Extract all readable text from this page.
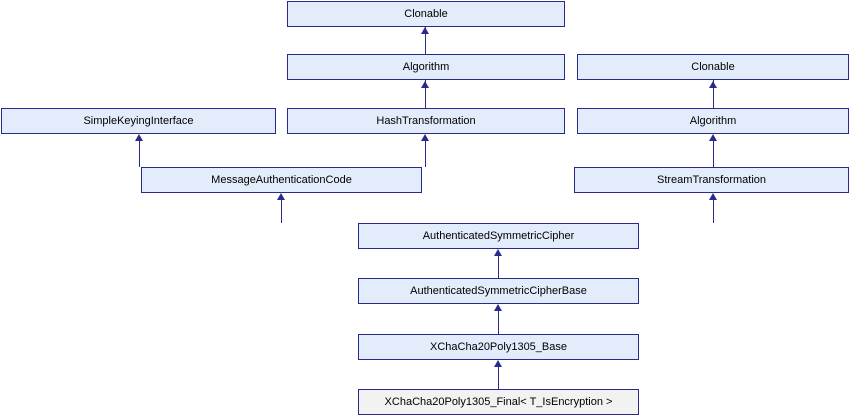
Clonable
Algorithm	Clonable
SimpleKeyingInterface	HashTransformation	Algorithm
MessageAuthenticationCode	StreamTransformation
AuthenticatedSymmetricCipher
AuthenticatedSymmetricCipherBase
XChaCha20Poly1305_Base
XChaCha20Poly1305_Final< T_IsEncryption >
